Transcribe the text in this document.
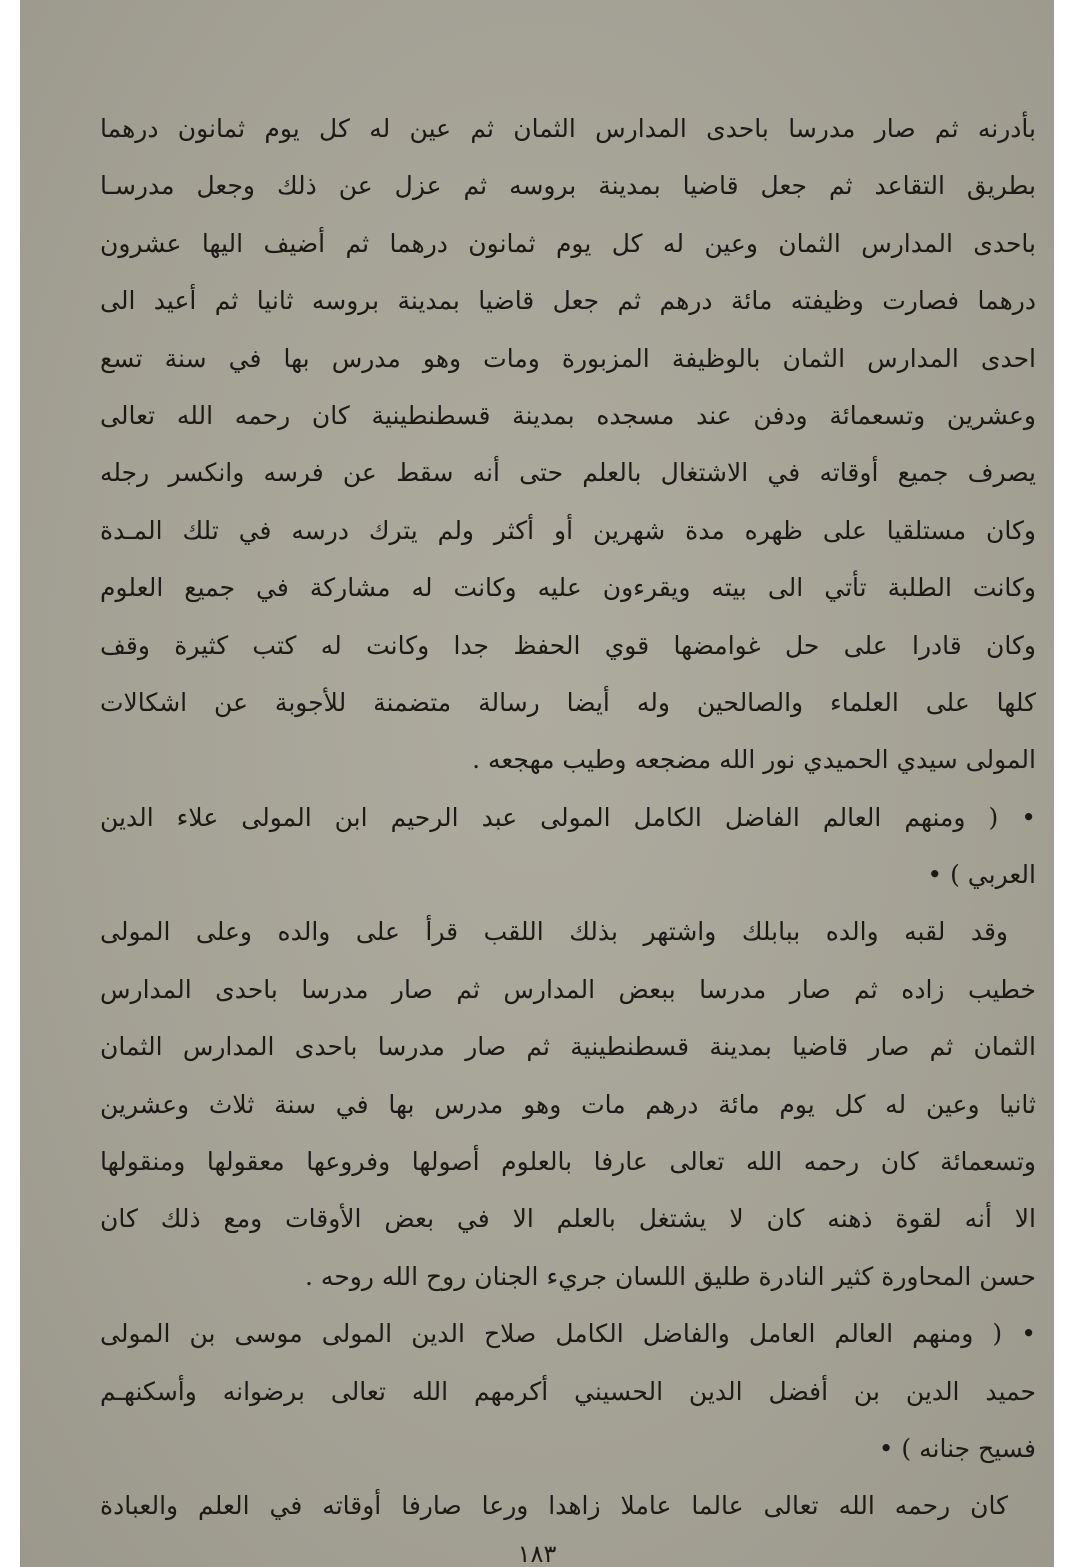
بأدرنه ثم صار مدرسا باحدى المدارس الثمان ثم عين له كل يوم ثمانون درهما
بطريق التقاعد ثم جعل قاضيا بمدينة بروسه ثم عزل عن ذلك وجعل مدرسـا
باحدى المدارس الثمان وعين له كل يوم ثمانون درهما ثم أضيف اليها عشرون
درهما فصارت وظيفته مائة درهم ثم جعل قاضيا بمدينة بروسه ثانيا ثم أعيد الى
احدى المدارس الثمان بالوظيفة المزبورة ومات وهو مدرس بها في سنة تسع
وعشرين وتسعمائة ودفن عند مسجده بمدينة قسطنطينية كان رحمه الله تعالى
يصرف جميع أوقاته في الاشتغال بالعلم حتى أنه سقط عن فرسه وانكسر رجله
وكان مستلقيا على ظهره مدة شهرين أو أكثر ولم يترك درسه في تلك المـدة
وكانت الطلبة تأتي الى بيته ويقرءون عليه وكانت له مشاركة في جميع العلوم
وكان قادرا على حل غوامضها قوي الحفظ جدا وكانت له كتب كثيرة وقف
كلها على العلماء والصالحين وله أيضا رسالة متضمنة للأجوبة عن اشكالات
المولى سيدي الحميدي نور الله مضجعه وطيب مهجعه .
• ( ومنهم العالم الفاضل الكامل المولى عبد الرحيم ابن المولى علاء الدين
العربي ) •
وقد لقبه والده ببابلك واشتهر بذلك اللقب قرأ على والده وعلى المولى
خطيب زاده ثم صار مدرسا ببعض المدارس ثم صار مدرسا باحدى المدارس
الثمان ثم صار قاضيا بمدينة قسطنطينية ثم صار مدرسا باحدى المدارس الثمان
ثانيا وعين له كل يوم مائة درهم مات وهو مدرس بها في سنة ثلاث وعشرين
وتسعمائة كان رحمه الله تعالى عارفا بالعلوم أصولها وفروعها معقولها ومنقولها
الا أنه لقوة ذهنه كان لا يشتغل بالعلم الا في بعض الأوقات ومع ذلك كان
حسن المحاورة كثير النادرة طليق اللسان جريء الجنان روح الله روحه .
• ( ومنهم العالم العامل والفاضل الكامل صلاح الدين المولى موسى بن المولى
حميد الدين بن أفضل الدين الحسيني أكرمهم الله تعالى برضوانه وأسكنهـم
فسيح جنانه ) •
كان رحمه الله تعالى عالما عاملا زاهدا ورعا صارفا أوقاته في العلم والعبادة
١٨٣
